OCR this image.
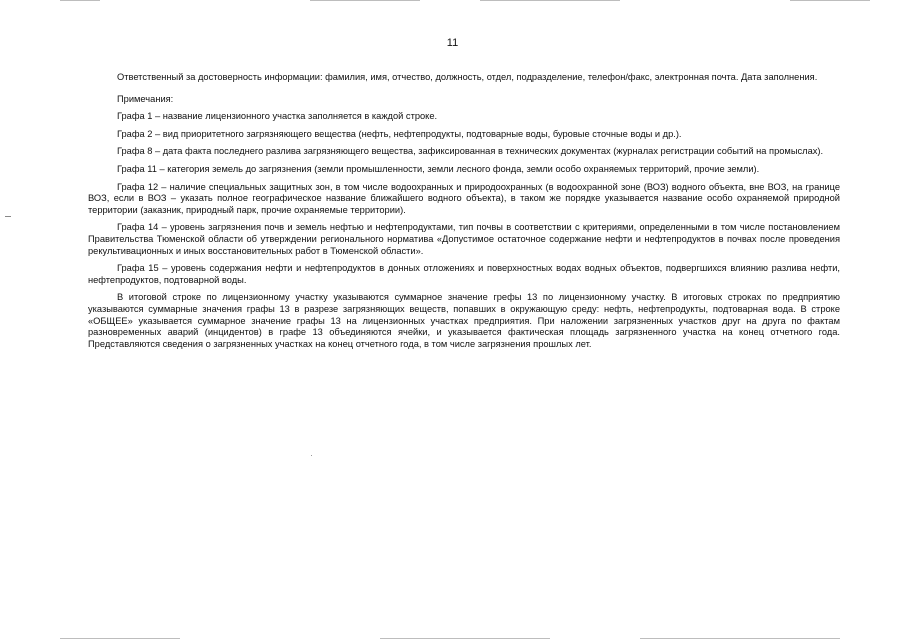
11

Ответственный за достоверность информации: фамилия, имя, отчество, должность, отдел, подразделение, телефон/факс, электронная почта. Дата заполнения.

Примечания:

Графа 1 – название лицензионного участка заполняется в каждой строке.

Графа 2 – вид приоритетного загрязняющего вещества (нефть, нефтепродукты, подтоварные воды, буровые сточные воды и др.).

Графа 8 – дата факта последнего разлива загрязняющего вещества, зафиксированная в технических документах (журналах регистрации событий на промыслах).

Графа 11 – категория земель до загрязнения (земли промышленности, земли лесного фонда, земли особо охраняемых территорий, прочие земли).

Графа 12 – наличие специальных защитных зон, в том числе водоохранных и природоохранных (в водоохранной зоне (ВОЗ) водного объекта, вне ВОЗ, на границе ВОЗ, если в ВОЗ – указать полное географическое название ближайшего водного объекта), в таком же порядке указывается название особо охраняемой природной территории (заказник, природный парк, прочие охраняемые территории).

Графа 14 – уровень загрязнения почв и земель нефтью и нефтепродуктами, тип почвы в соответствии с критериями, определенными в том числе постановлением Правительства Тюменской области об утверждении регионального норматива «Допустимое остаточное содержание нефти и нефтепродуктов в почвах после проведения рекультивационных и иных восстановительных работ в Тюменской области».

Графа 15 – уровень содержания нефти и нефтепродуктов в донных отложениях и поверхностных водах водных объектов, подвергшихся влиянию разлива нефти, нефтепродуктов, подтоварной воды.

В итоговой строке по лицензионному участку указываются суммарное значение грефы 13 по лицензионному участку. В итоговых строках по предприятию указываются суммарные значения графы 13 в разрезе загрязняющих веществ, попавших в окружающую среду: нефть, нефтепродукты, подтоварная вода. В строке «ОБЩЕЕ» указывается суммарное значение графы 13 на лицензионных участках предприятия. При наложении загрязненных участков друг на друга по фактам разновременных аварий (инцидентов) в графе 13 объединяются ячейки, и указывается фактическая площадь загрязненного участка на конец отчетного года. Представляются сведения о загрязненных участках на конец отчетного года, в том числе загрязнения прошлых лет.
